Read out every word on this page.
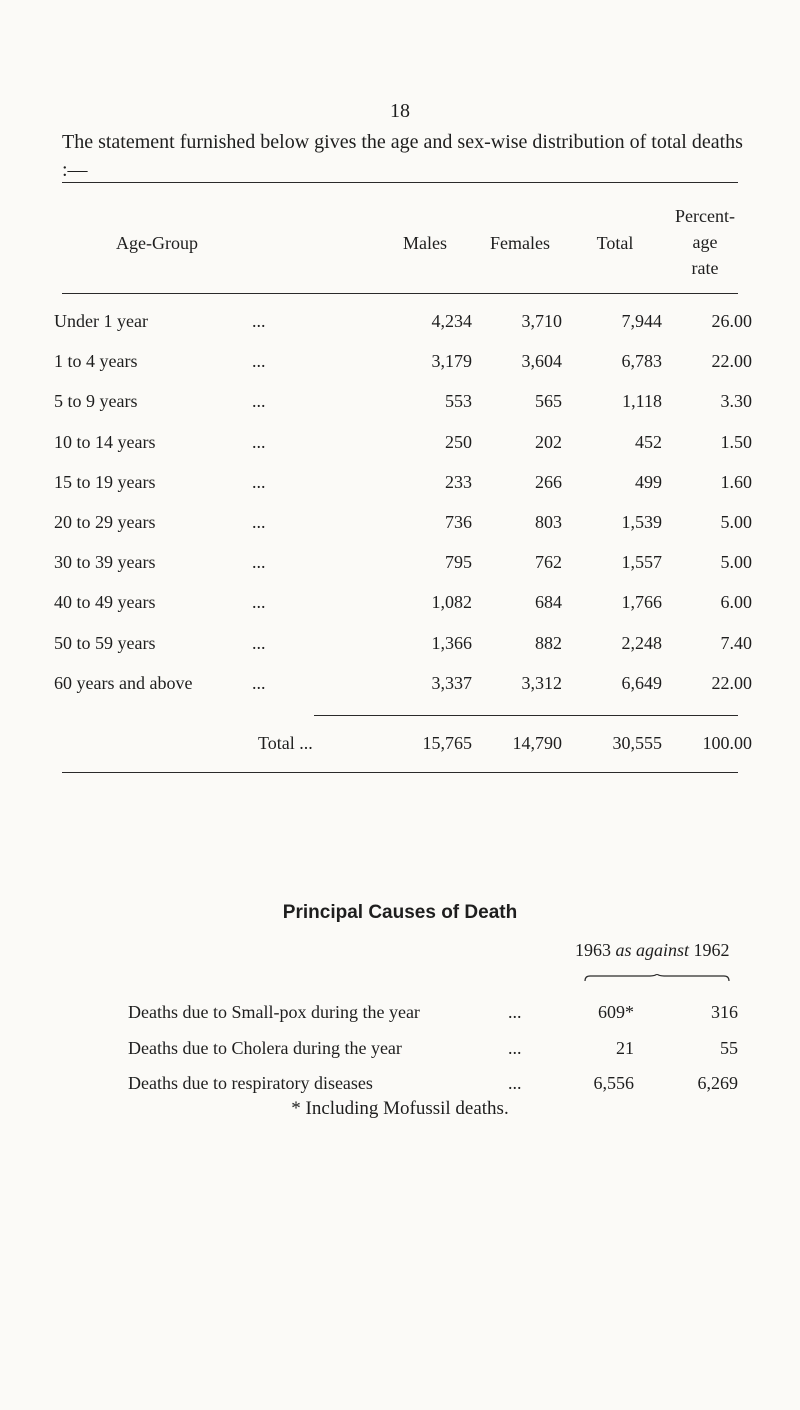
18
The statement furnished below gives the age and sex-wise distribution of total deaths :—
Age-Group	Males	Females	Total
Percent-
age
rate
Under 1 year	...	4,234	3,710	7,944	26.00
1 to 4 years	...	3,179	3,604	6,783	22.00
5 to 9 years	...	553	565	1,118	3.30
10 to 14 years	...	250	202	452	1.50
15 to 19 years	...	233	266	499	1.60
20 to 29 years	...	736	803	1,539	5.00
30 to 39 years	...	795	762	1,557	5.00
40 to 49 years	...	1,082	684	1,766	6.00
50 to 59 years	...	1,366	882	2,248	7.40
60 years and above	...	3,337	3,312	6,649	22.00
Total ...	15,765 14,790	30,555 100.00
Principal Causes of Death
1963 as against 1962
Deaths due to Small-pox during the year	...	609*	316
Deaths due to Cholera during the year	...	21	55
Deaths due to respiratory diseases	...	6,556	6,269
* Including Mofussil deaths.
